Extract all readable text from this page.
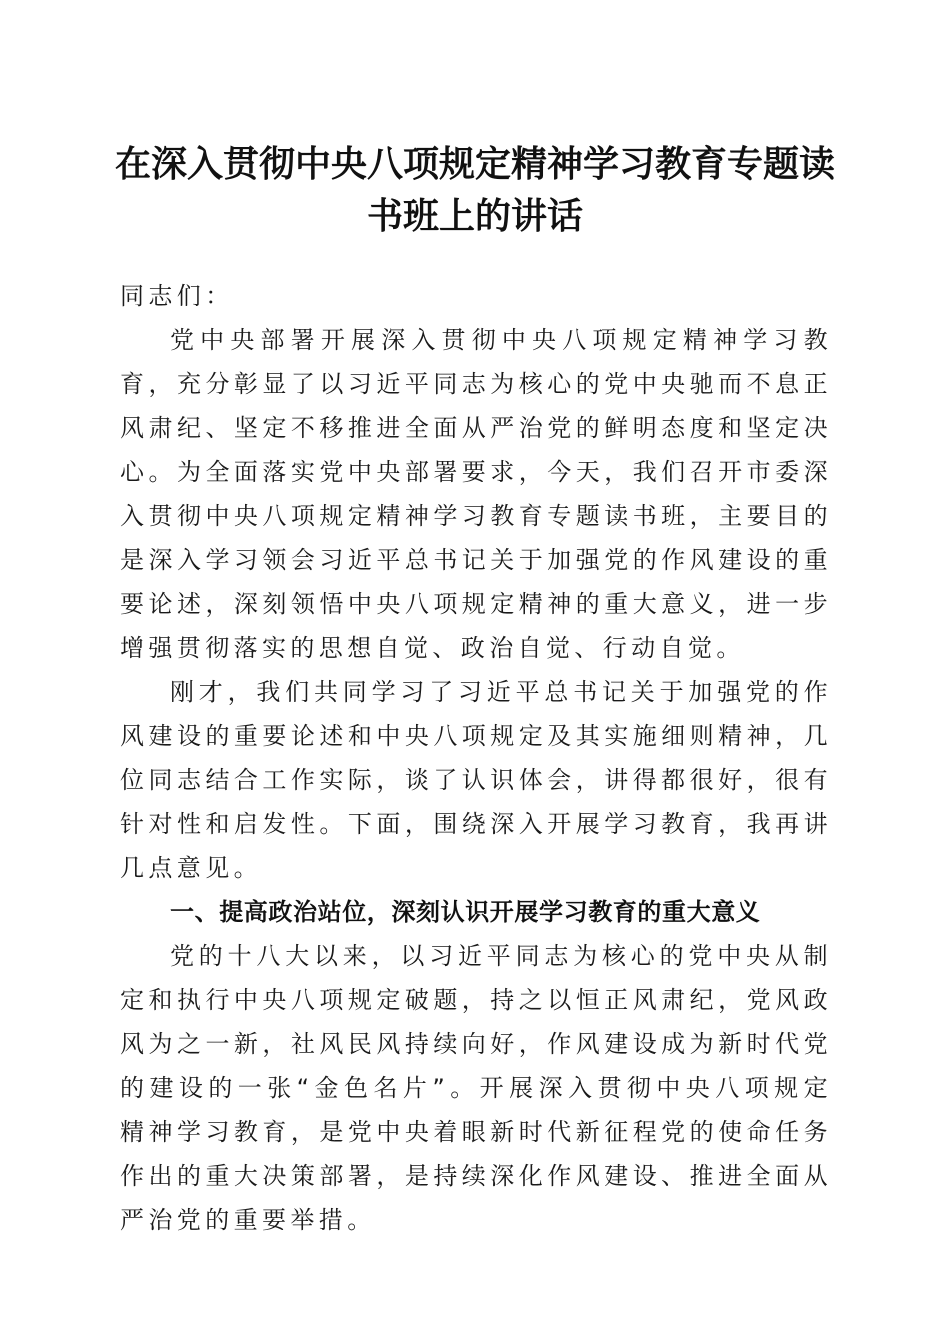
在深入贯彻中央八项规定精神学习教育专题读书班上的讲话

同志们：

党中央部署开展深入贯彻中央八项规定精神学习教育，充分彰显了以习近平同志为核心的党中央驰而不息正风肃纪、坚定不移推进全面从严治党的鲜明态度和坚定决心。为全面落实党中央部署要求，今天，我们召开市委深入贯彻中央八项规定精神学习教育专题读书班，主要目的是深入学习领会习近平总书记关于加强党的作风建设的重要论述，深刻领悟中央八项规定精神的重大意义，进一步增强贯彻落实的思想自觉、政治自觉、行动自觉。

刚才，我们共同学习了习近平总书记关于加强党的作风建设的重要论述和中央八项规定及其实施细则精神，几位同志结合工作实际，谈了认识体会，讲得都很好，很有针对性和启发性。下面，围绕深入开展学习教育，我再讲几点意见。

一、提高政治站位，深刻认识开展学习教育的重大意义

党的十八大以来，以习近平同志为核心的党中央从制定和执行中央八项规定破题，持之以恒正风肃纪，党风政风为之一新，社风民风持续向好，作风建设成为新时代党的建设的一张“金色名片”。开展深入贯彻中央八项规定精神学习教育，是党中央着眼新时代新征程党的使命任务作出的重大决策部署，是持续深化作风建设、推进全面从严治党的重要举措。
